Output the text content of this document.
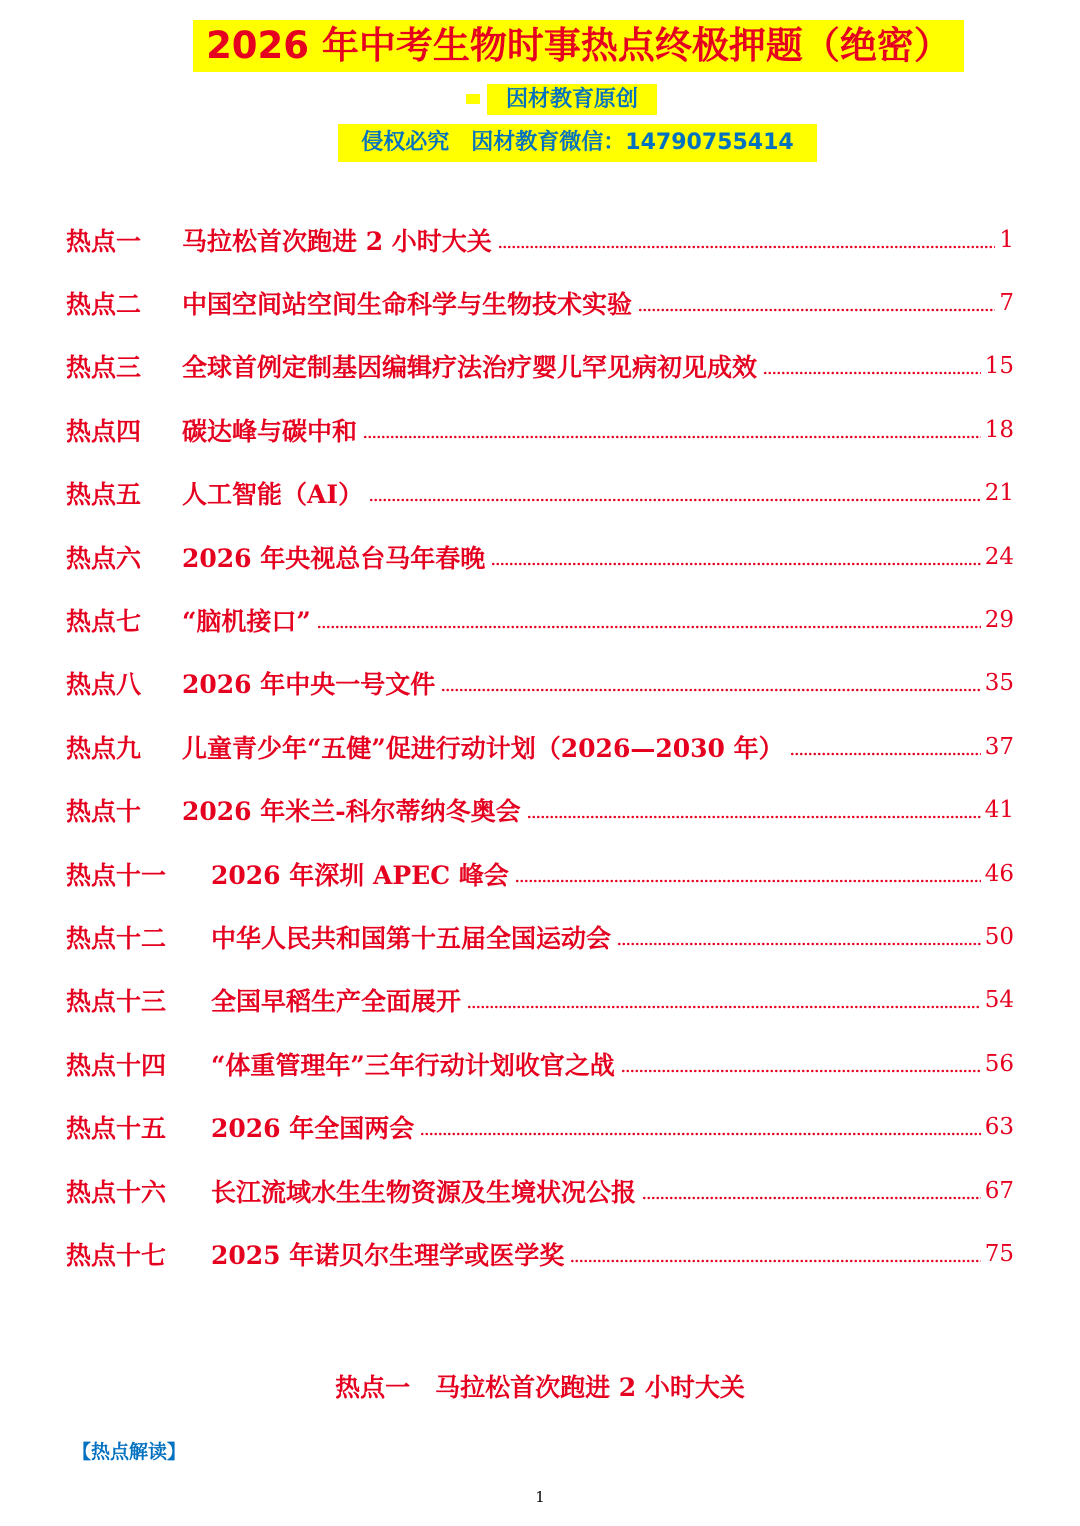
2026 年中考生物时事热点终极押题（绝密）
因材教育原创
侵权必究　因材教育微信：14790755414
热点一	马拉松首次跑进 2 小时大关	1
热点二	中国空间站空间生命科学与生物技术实验	7
热点三	全球首例定制基因编辑疗法治疗婴儿罕见病初见成效	15
热点四	碳达峰与碳中和	18
热点五	人工智能（AI）	21
热点六	2026 年央视总台马年春晚	24
热点七	“脑机接口”	29
热点八	2026 年中央一号文件	35
热点九	儿童青少年“五健”促进行动计划（2026—2030 年）	37
热点十	2026 年米兰-科尔蒂纳冬奥会	41
热点十一	2026 年深圳 APEC 峰会	46
热点十二	中华人民共和国第十五届全国运动会	50
热点十三	全国早稻生产全面展开	54
热点十四	“体重管理年”三年行动计划收官之战	56
热点十五	2026 年全国两会	63
热点十六	长江流域水生生物资源及生境状况公报	67
热点十七	2025 年诺贝尔生理学或医学奖	75
热点一　马拉松首次跑进 2 小时大关
【热点解读】
1
